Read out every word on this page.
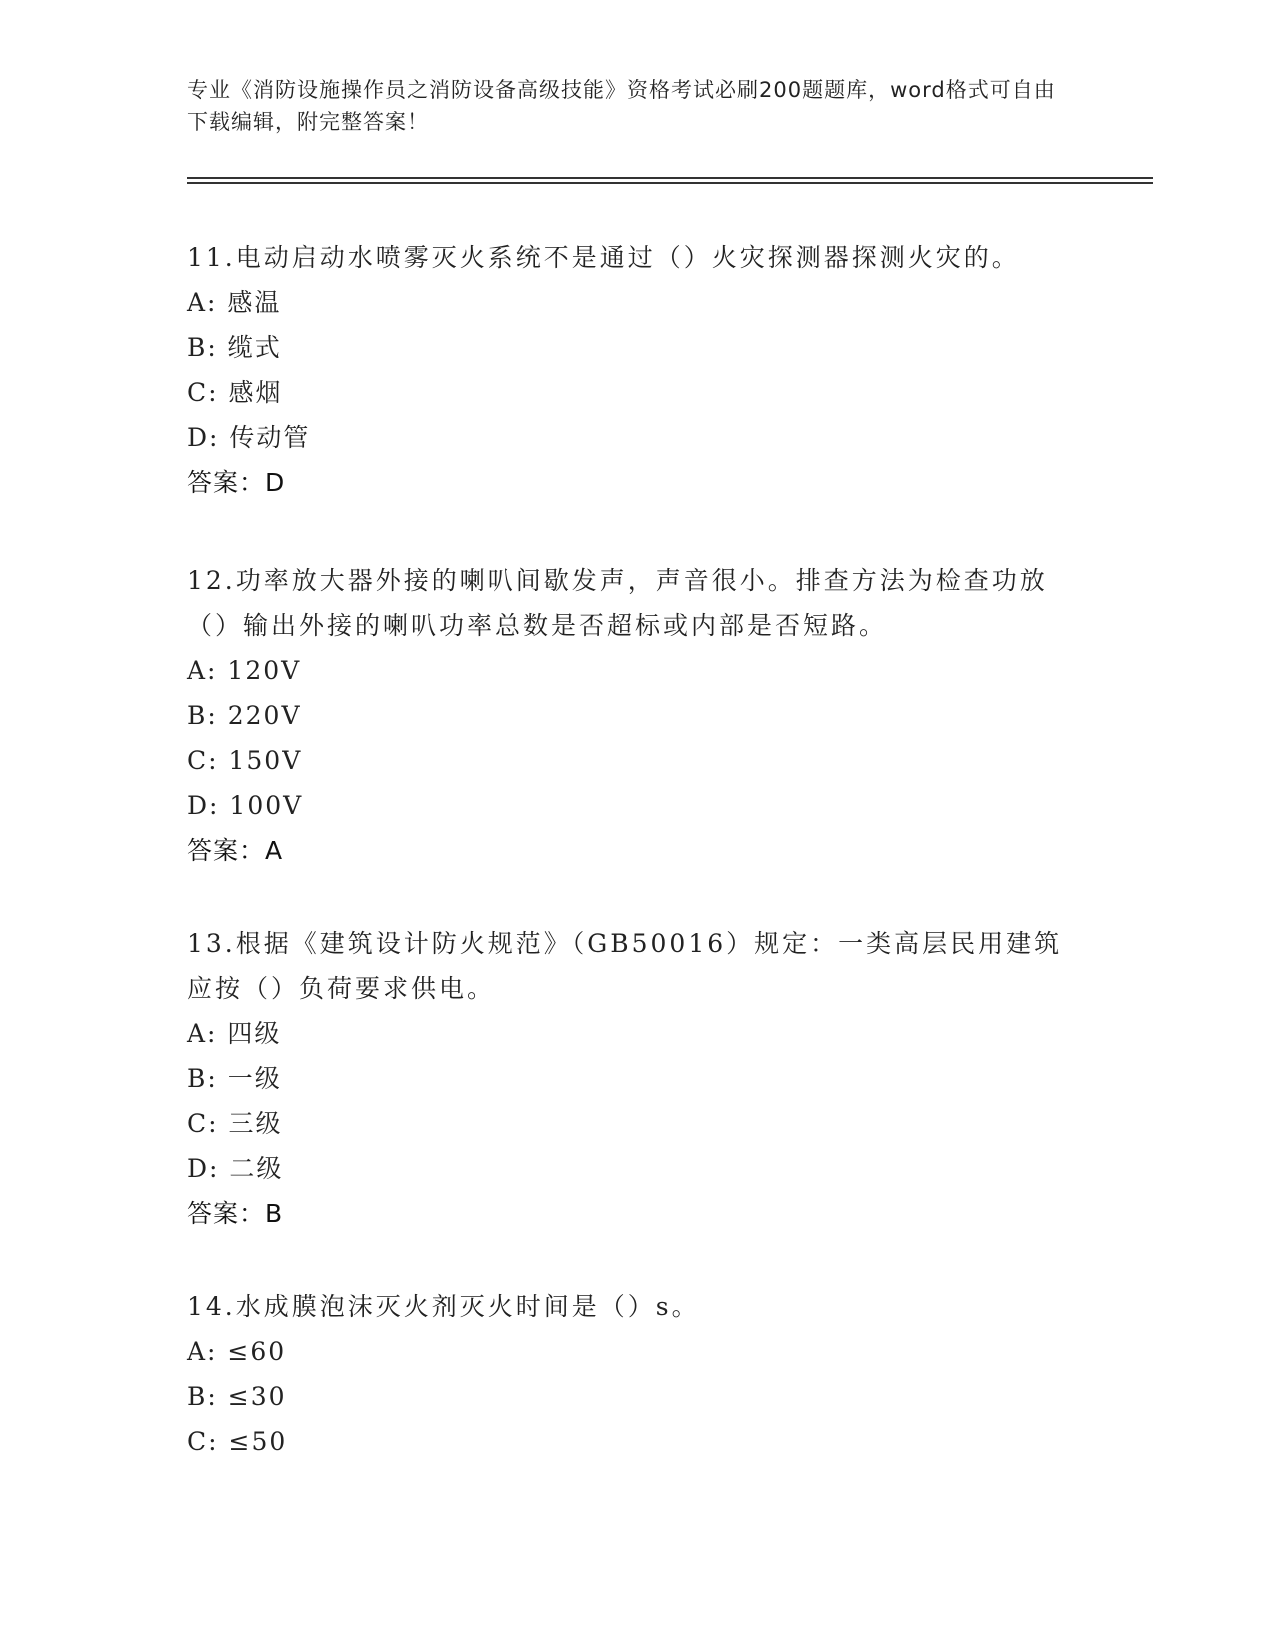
专业《消防设施操作员之消防设备高级技能》资格考试必刷200题题库，word格式可自由下载编辑，附完整答案！

11.电动启动水喷雾灭火系统不是通过（）火灾探测器探测火灾的。

A: 感温

B: 缆式

C: 感烟

D: 传动管

答案：D

12.功率放大器外接的喇叭间歇发声，声音很小。排查方法为检查功放（）输出外接的喇叭功率总数是否超标或内部是否短路。

A: 120V

B: 220V

C: 150V

D: 100V

答案：A

13.根据《建筑设计防火规范》（GB50016）规定：一类高层民用建筑应按（）负荷要求供电。

A: 四级

B: 一级

C: 三级

D: 二级

答案：B

14.水成膜泡沫灭火剂灭火时间是（）s。

A: ≤60

B: ≤30

C: ≤50
